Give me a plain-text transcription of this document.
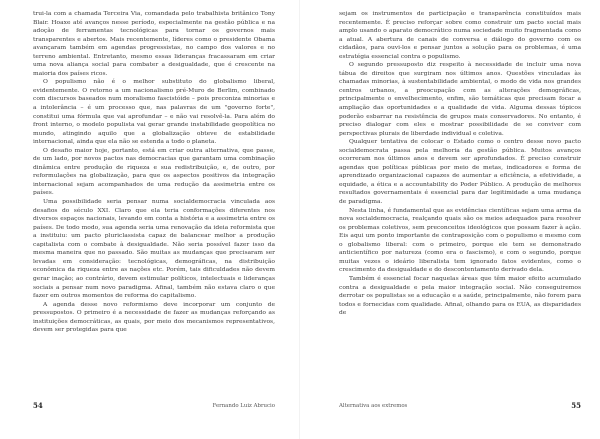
trui-la com a chamada Terceira Via, comandada pelo trabalhista britânico Tony Blair. Hoaxe até avanços nesse período, especialmente na gestão pública e na adoção de ferramentas tecnológicas para tornar os governos mais transparentes e abertos. Mais recentemente, líderes como o presidente Obama avançaram também em agendas progressistas, no campo dos valores e no terreno ambiental. Entretanto, mesmo essas lideranças fracassaram em criar uma nova aliança social para combater a desigualdade, que é crescente na maioria dos países ricos.

O populismo não é o melhor substituto do globalismo liberal, evidentemente. O retorno a um nacionalismo pré-Muro de Berlim, combinado com discursos baseados num moralismo fascistóide – pois preconiza minorias e a intolerância – é um processo que, nas palavras de um "governo forte", constitui uma fórmula que vai aprofundar – e não vai resolvê-la. Para além do front interno, o modelo populista vai gerar grande instabilidade geopolítica no mundo, atingindo aquilo que a globalização obteve de estabilidade internacional, ainda que ela não se estenda a todo o planeta.

O desafio maior hoje, portanto, está em criar outra alternativa, que passe, de um lado, por novos pactos nas democracias que garantam uma combinação dinâmica entre produção de riqueza e sua redistribuição, e, de outro, por reformulações na globalização, para que os aspectos positivos da integração internacional sejam acompanhados de uma redução da assimetria entre os países.

Uma possibilidade seria pensar numa socialdemocracia vinculada aos desafios do século XXI. Claro que ela teria conformações diferentes nos diversos espaços nacionais, levando em conta a história e a assimetria entre os países. De todo modo, sua agenda seria uma renovação da ideia reformista que a instituiu: um pacto pluriclassista capaz de balancear melhor a produção capitalista com o combate à desigualdade. Não seria possível fazer isso da mesma maneira que no passado. São muitas as mudanças que precisaram ser levadas em consideração: tecnológicas, demográficas, na distribuição econômica da riqueza entre as nações etc. Porém, tais dificuldades não devem gerar inação; ao contrário, devem estimular políticos, intelectuais e lideranças sociais a pensar num novo paradigma. Afinal, também não estava claro o que fazer em outros momentos de reforma do capitalismo.

A agenda desse novo reformismo deve incorporar um conjunto de pressupostos. O primeiro é a necessidade de fazer as mudanças reforçando as instituições democráticas, as quais, por meio dos mecanismos representativos, devem ser protegidas para que

54	Fernando Luiz Abrucio

sejam os instrumentos de participação e transparência constituídos mais recentemente. É preciso reforçar sobre como construir um pacto social mais amplo usando o aparato democrático numa sociedade muito fragmentada como a atual. A abertura de canais de conversa e diálogo do governo com os cidadãos, para ouvi-los e pensar juntos a solução para os problemas, é uma estratégia essencial contra o populismo.

O segundo pressuposto diz respeito à necessidade de incluir uma nova tábua de direitos que surgiram nos últimos anos. Questões vinculadas às chamadas minorias, à sustentabilidade ambiental, o modo de vida nos grandes centros urbanos, a preocupação com as alterações demográficas, principalmente o envelhecimento, enfim, são temáticas que precisam focar a ampliação das oportunidades e a qualidade de vida. Alguma dessas tópicos poderão esbarrar na resistência de grupos mais conservadores. No entanto, é preciso dialogar com eles e mostrar possibilidade de se conviver com perspectivas plurais de liberdade individual e coletiva.

Qualquer tentativa de colocar o Estado como o centro desse novo pacto socialdemocrata passa pela melhoria da gestão pública. Muitos avanços ocorreram nos últimos anos e devem ser aprofundados. É preciso construir agendas que políticas públicas por meio de metas, indicadores e forma de aprendizado organizacional capazes de aumentar a eficiência, a efetividade, a equidade, a ética e a accountability do Poder Público. A produção de melhores resultados governamentais é essencial para dar legitimidade a uma mudança de paradigma.

Nesta linha, é fundamental que as evidências científicas sejam uma arma da nova socialdemocracia, realçando quais são os meios adequados para resolver os problemas coletivos, sem preconceitos ideológicos que possam fazer à ação. Eis aqui um ponto importante de contraposição com o populismo e mesmo com o globalismo liberal: com o primeiro, porque ele tem se demonstrado anticientífico por natureza (como era o fascismo), e com o segundo, porque muitas vezes o ideário liberalista tem ignorado fatos evidentes, como o crescimento da desigualdade e do descontentamento derivado dela.

Também é essencial focar naquelas áreas que têm maior efeito acumulado contra a desigualdade e pela maior integração social. Não conseguiremos derrotar os populistas se a educação e a saúde, principalmente, não forem para todos e fornecidas com qualidade. Afinal, olhando para os EUA, as disparidades de

Alternativa aos extremos	55
